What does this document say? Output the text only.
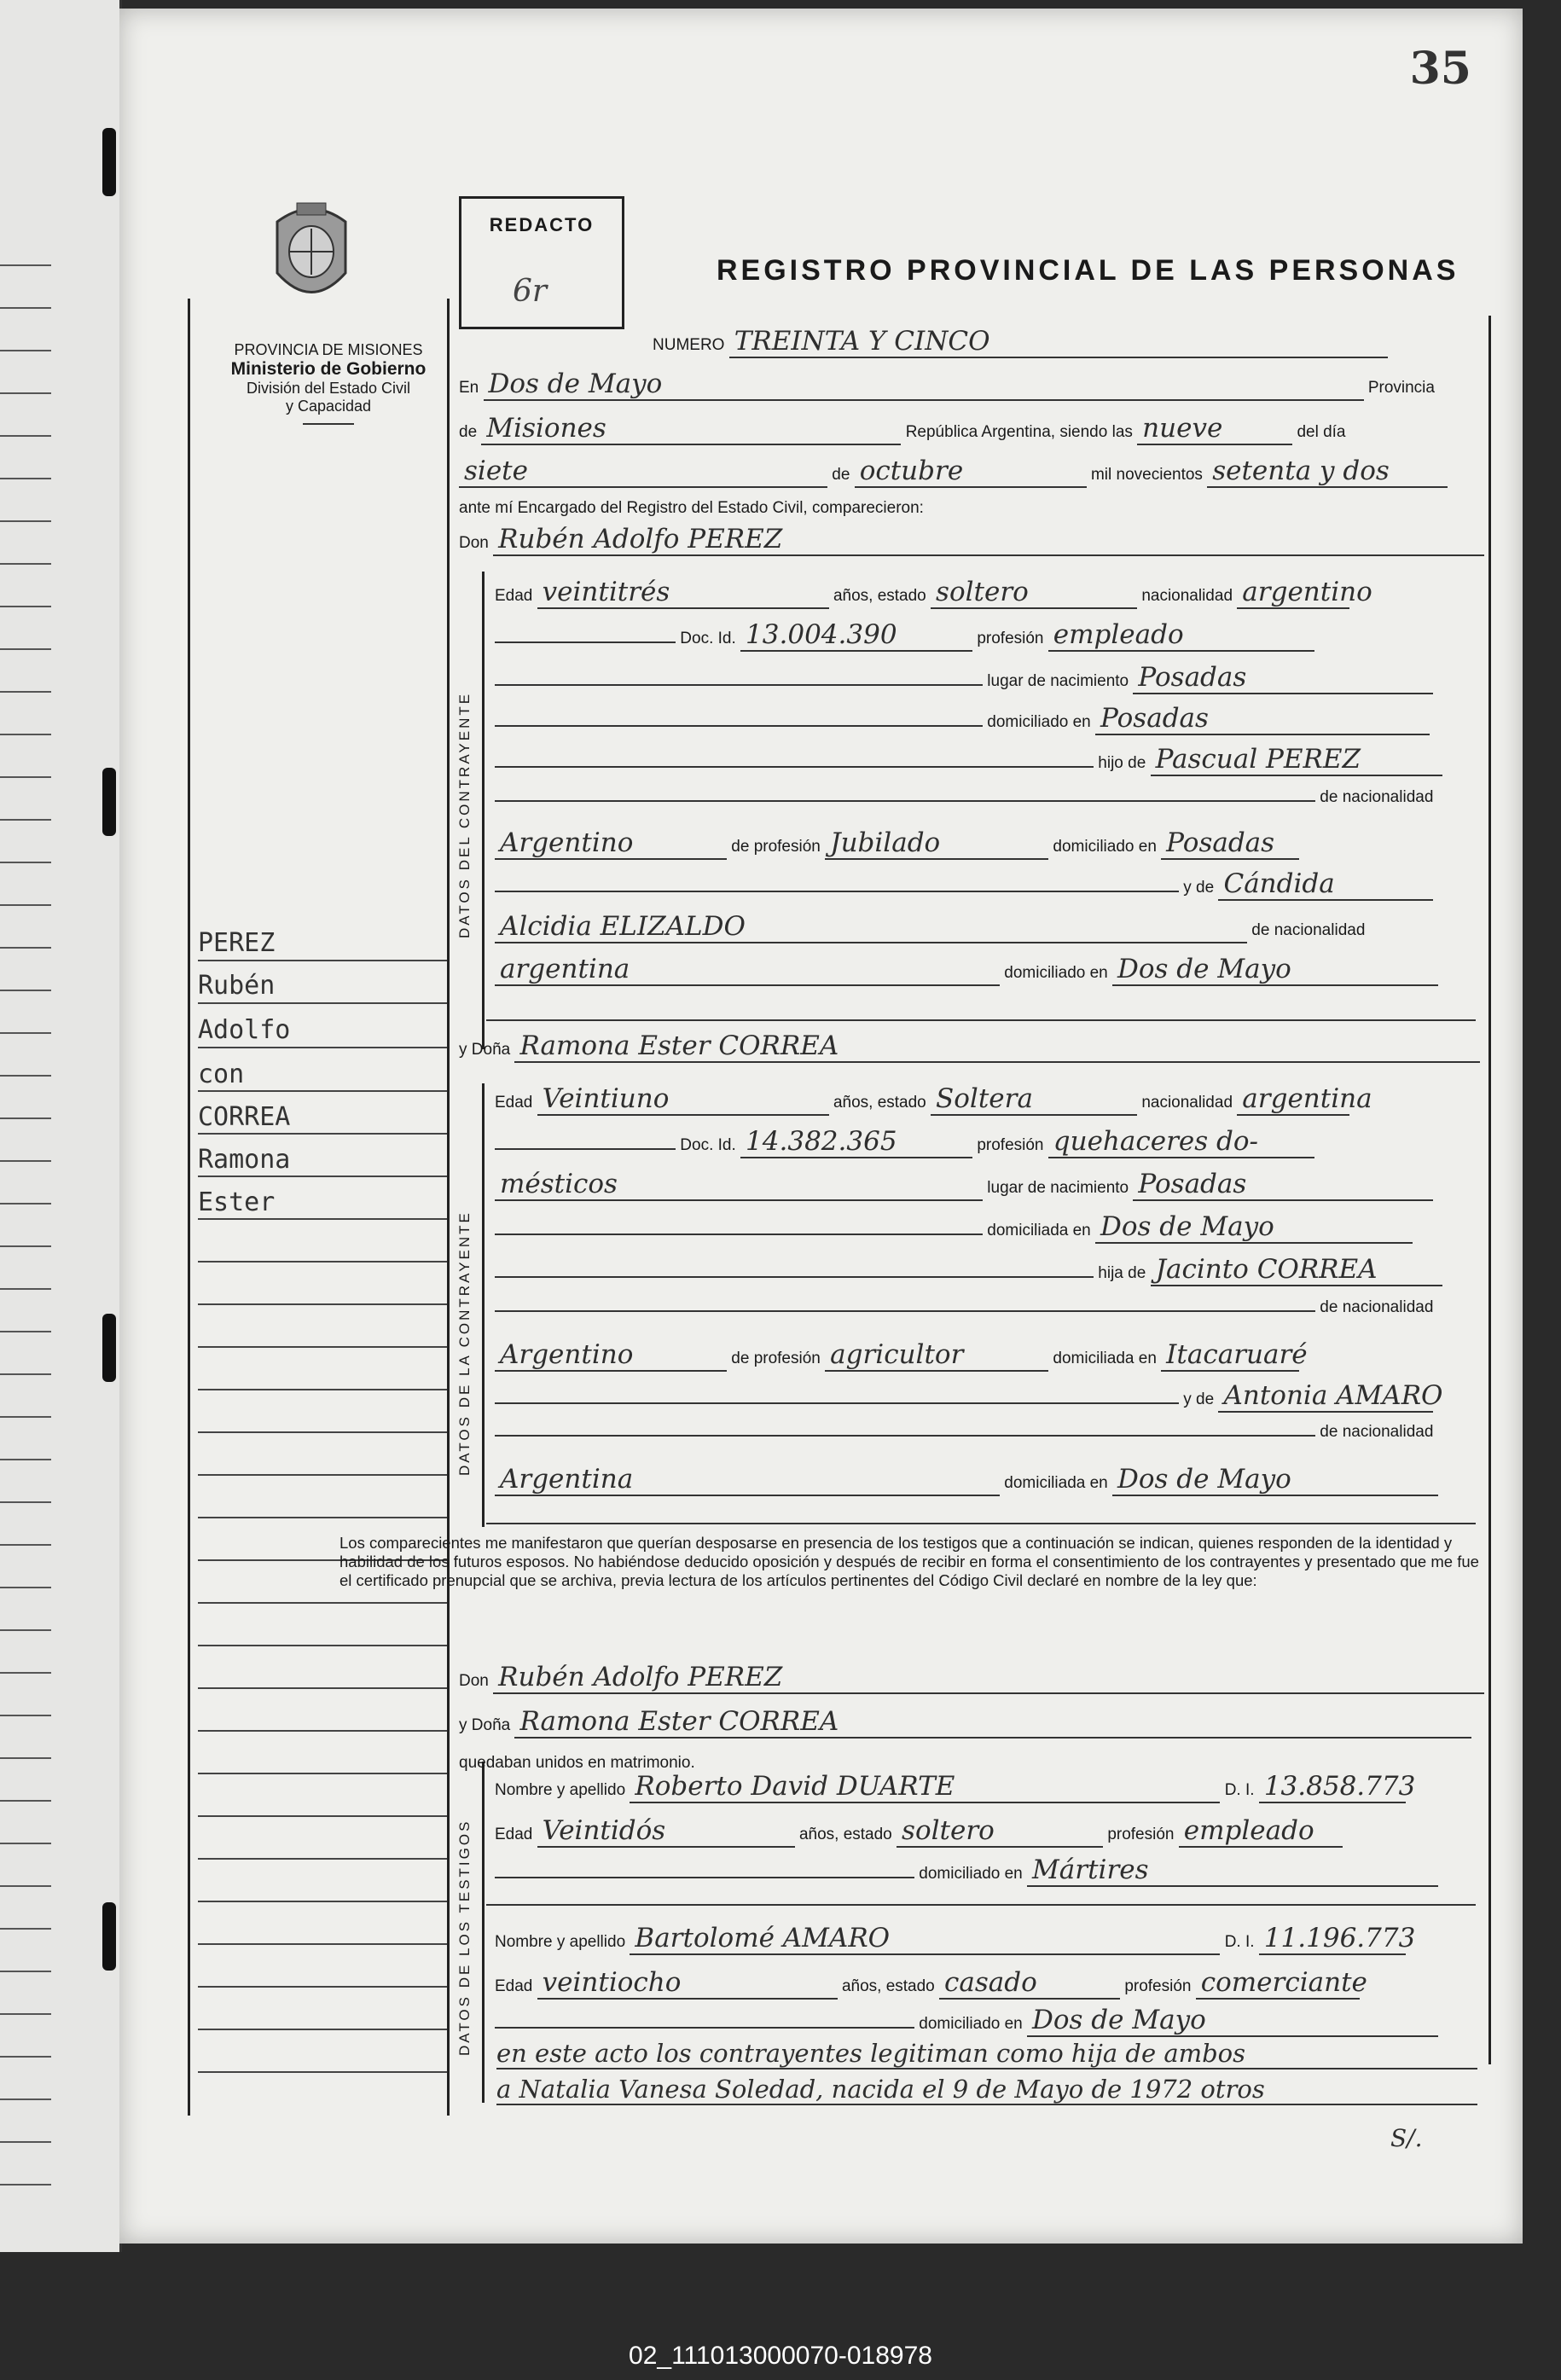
35
REDACTO
6r
REGISTRO PROVINCIAL DE LAS PERSONAS
PROVINCIA DE MISIONES
Ministerio de Gobierno
División del Estado Civil
y Capacidad
PEREZ
Rubén
Adolfo
con
CORREA
Ramona
Ester
NUMERO TREINTA Y CINCO
En Dos de Mayo	Provincia
de Misiones	República Argentina, siendo las nueve	del día
siete	de octubre	mil novecientos setenta y dos
ante mí Encargado del Registro del Estado Civil, comparecieron:
Don Rubén Adolfo PEREZ
DATOS DEL CONTRAYENTE
Edad veintitrés	años, estado soltero	nacionalidad argentino
Doc. Id. 13.004.390	profesión empleado
lugar de nacimiento Posadas
domiciliado en Posadas
hijo de Pascual PEREZ
de nacionalidad
Argentino	de profesión Jubilado	domiciliado en Posadas
y de Cándida
Alcidia ELIZALDO	de nacionalidad
argentina	domiciliado en Dos de Mayo
y Doña Ramona Ester CORREA
DATOS DE LA CONTRAYENTE
Edad Veintiuno	años, estado Soltera	nacionalidad argentina
Doc. Id. 14.382.365	profesión quehaceres do-
mésticos	lugar de nacimiento Posadas
domiciliada en Dos de Mayo
hija de Jacinto CORREA
de nacionalidad
Argentino	de profesión agricultor	domiciliada en Itacaruaré
y de Antonia AMARO
de nacionalidad
Argentina	domiciliada en Dos de Mayo
Los comparecientes me manifestaron que querían desposarse en presencia de los testigos que a continuación se indican, quienes responden de la identidad y habilidad de los futuros esposos. No habiéndose deducido oposición y después de recibir en forma el consentimiento de los contrayentes y presentado que me fue el certificado prenupcial que se archiva, previa lectura de los artículos pertinentes del Código Civil declaré en nombre de la ley que:
Don Rubén Adolfo PEREZ
y Doña Ramona Ester CORREA
quedaban unidos en matrimonio.
DATOS DE LOS TESTIGOS
Nombre y apellido Roberto David DUARTE	D. I. 13.858.773
Edad Veintidós	años, estado soltero	profesión empleado
domiciliado en Mártires
Nombre y apellido Bartolomé AMARO	D. I. 11.196.773
Edad veintiocho	años, estado casado	profesión comerciante
domiciliado en Dos de Mayo
en este acto los contrayentes legitiman como hija de ambos
a Natalia Vanesa Soledad, nacida el 9 de Mayo de 1972 otros
S/.
02_111013000070-018978
